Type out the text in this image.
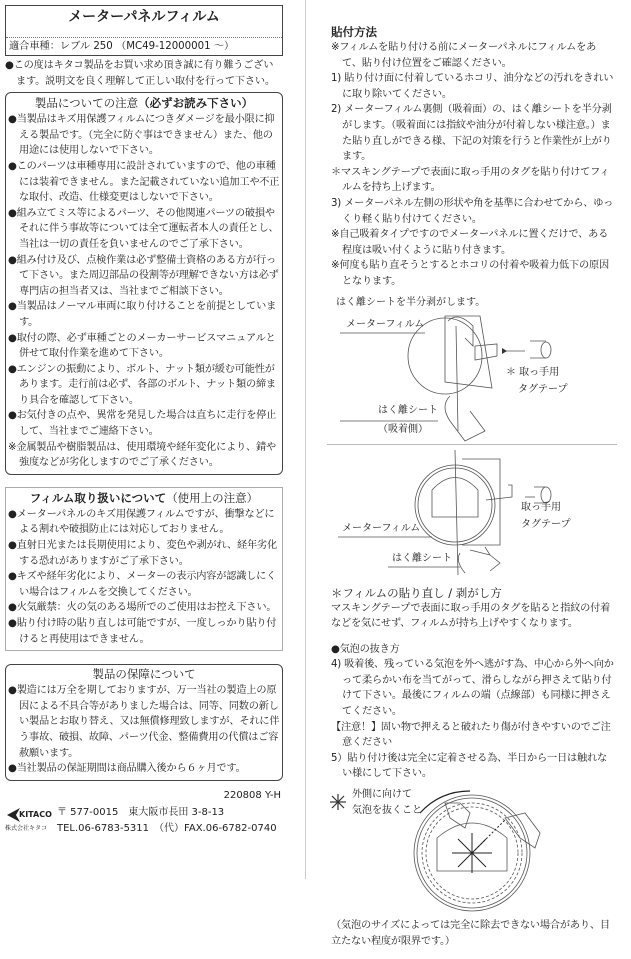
メーターパネルフィルム
適合車種：レブル 250 （MC49-12000001 ～）
●この度はキタコ製品をお買い求め頂き誠に有り難うございます。説明文を良く理解して正しい取付を行って下さい。
製品についての注意（必ずお読み下さい）
●当製品はキズ用保護フィルムにつきダメージを最小限に抑える製品です。（完全に防ぐ事はできません）また、他の用途には使用しないで下さい。
●このパーツは車種専用に設計されていますので、他の車種には装着できません。また記載されていない追加工や不正な取付、改造、仕様変更はしないで下さい。
●組み立てミス等によるパーツ、その他関連パーツの破損やそれに伴う事故等については全て運転者本人の責任とし、当社は一切の責任を負いませんのでご了承下さい。
●組み付け及び、点検作業は必ず整備士資格のある方が行って下さい。また周辺部品の役割等が理解できない方は必ず専門店の担当者又は、当社までご相談下さい。
●当製品はノーマル車両に取り付けることを前提としています。
●取付の際、必ず車種ごとのメーカーサービスマニュアルと併せて取付作業を進めて下さい。
●エンジンの振動により、ボルト、ナット類が緩む可能性があります。走行前は必ず、各部のボルト、ナット類の締まり具合を確認して下さい。
●お気付きの点や、異常を発見した場合は直ちに走行を停止して、当社までご連絡下さい。
※金属製品や樹脂製品は、使用環境や経年変化により、錆や強度などが劣化しますのでご了承ください。
フィルム取り扱いについて（使用上の注意）
●メーターパネルのキズ用保護フィルムですが、衝撃などによる割れや破損防止には対応しておりません。
●直射日光または長期使用により、変色や剥がれ、経年劣化する恐れがありますがご了承下さい。
●キズや経年劣化により、メーターの表示内容が認識しにくい場合はフィルムを交換してください。
●火気厳禁：火の気のある場所でのご使用はお控え下さい。
●貼り付け時の貼り直しは可能ですが、一度しっかり貼り付けると再使用はできません。
製品の保障について
●製造には万全を期しておりますが、万一当社の製造上の原因による不具合等がありました場合は、同等、同数の新しい製品とお取り替え、又は無償修理致しますが、それに伴う事故、破損、故障、パーツ代金、整備費用の代償はご容赦願います。
●当社製品の保証期間は商品購入後から６ヶ月です。
220808 Y-H
KITACO
株式会社キタコ
〒 577-0015　東大阪市長田 3-8-13
TEL.06-6783-5311　（代）FAX.06-6782-0740
貼付方法
※フィルムを貼り付ける前にメーターパネルにフィルムをあて、貼り付け位置をご確認ください。
1) 貼り付け面に付着しているホコリ、油分などの汚れをきれいに取り除いてください。
2) メーターフィルム裏側（吸着面）の、はく離シートを半分剥がします。（吸着面には指紋や油分が付着しない様注意。）また貼り直しができる様、下記の対策を行うと作業性が上がります。
＊マスキングテープで表面に取っ手用のタグを貼り付けてフィルムを持ち上げます。
3) メーターパネル左側の形状や角を基準に合わせてから、ゆっくり軽く貼り付けてください。
※自己吸着タイプですのでメーターパネルに置くだけで、ある程度は吸い付くように貼り付きます。
※何度も貼り直そうとするとホコリの付着や吸着力低下の原因となります。
はく離シートを半分剥がします。
メーターフィルム
＊ 取っ手用
タグテープ
はく離シート
（吸着側）
取っ手用
タグテープ
メーターフィルム
はく離シート
＊フィルムの貼り直し / 剥がし方
マスキングテープで表面に取っ手用のタグを貼ると指紋の付着などを気にせず、フィルムが持ち上げやすくなります。
●気泡の抜き方
4) 吸着後、残っている気泡を外へ逃がす為、中心から外へ向かって柔らかい布を当てがって、滑らしながら押さえて貼り付けて下さい。最後にフィルムの端（点線部）も同様に押さえてください。
【注意！】固い物で押えると破れたり傷が付きやすいのでご注意ください
5）貼り付け後は完全に定着させる為、半日から一日は触れない様にして下さい。
外側に向けて
気泡を抜くこと
（気泡のサイズによっては完全に除去できない場合があり、目立たない程度が限界です。）
